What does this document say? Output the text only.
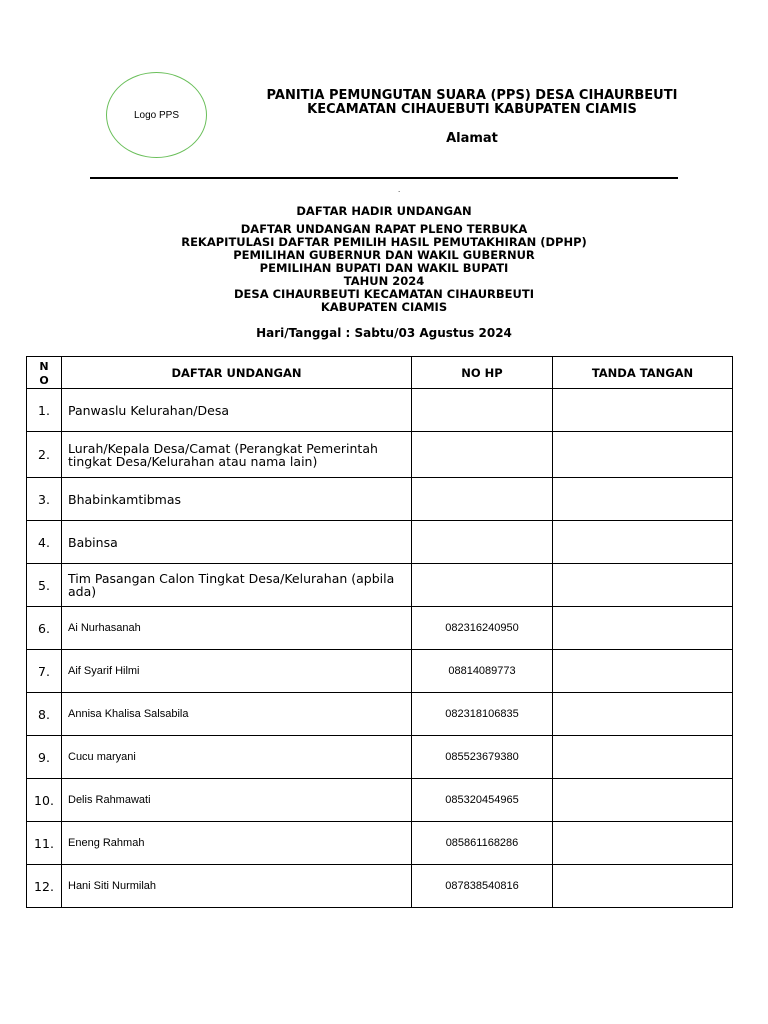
Logo PPS
PANITIA PEMUNGUTAN SUARA (PPS) DESA CIHAURBEUTI
KECAMATAN CIHAUEBUTI KABUPATEN CIAMIS
Alamat
.
DAFTAR HADIR UNDANGAN
DAFTAR UNDANGAN RAPAT PLENO TERBUKA
REKAPITULASI DAFTAR PEMILIH HASIL PEMUTAKHIRAN (DPHP)
PEMILIHAN GUBERNUR DAN WAKIL GUBERNUR
PEMILIHAN BUPATI DAN WAKIL BUPATI
TAHUN 2024
DESA CIHAURBEUTI KECAMATAN CIHAURBEUTI
KABUPATEN CIAMIS
Hari/Tanggal : Sabtu/03 Agustus 2024
N O	DAFTAR UNDANGAN	NO HP	TANDA TANGAN
1.	Panwaslu Kelurahan/Desa		
2.	Lurah/Kepala Desa/Camat (Perangkat Pemerintah tingkat Desa/Kelurahan atau nama lain)		
3.	Bhabinkamtibmas		
4.	Babinsa		
5.	Tim Pasangan Calon Tingkat Desa/Kelurahan (apbila ada)		
6.	Ai Nurhasanah	082316240950	
7.	Aif Syarif Hilmi	08814089773	
8.	Annisa Khalisa Salsabila	082318106835	
9.	Cucu maryani	085523679380	
10.	Delis Rahmawati	085320454965	
11.	Eneng Rahmah	085861168286	
12.	Hani Siti Nurmilah	087838540816	
